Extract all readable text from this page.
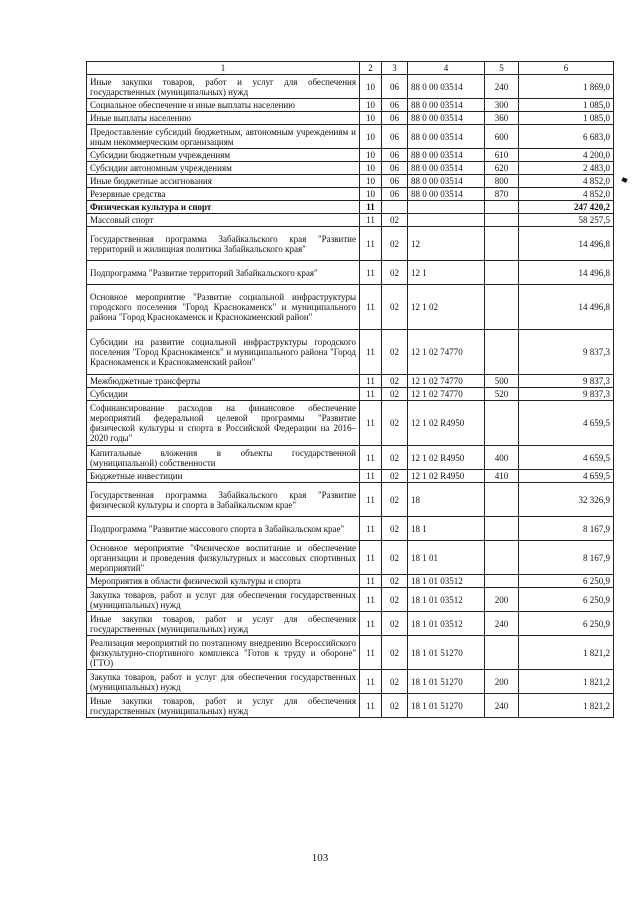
1	2	3	4	5	6
Иные закупки товаров, работ и услуг для обеспечения государственных (муниципальных) нужд	10	06	88 0 00 03514	240	1 869,0
Социальное обеспечение и иные выплаты населению	10	06	88 0 00 03514	300	1 085,0
Иные выплаты населению	10	06	88 0 00 03514	360	1 085,0
Предоставление субсидий бюджетным, автономным учреждениям и иным некоммерческим организациям	10	06	88 0 00 03514	600	6 683,0
Субсидии бюджетным учреждениям	10	06	88 0 00 03514	610	4 200,0
Субсидии автономным учреждениям	10	06	88 0 00 03514	620	2 483,0
Иные бюджетные ассигнования	10	06	88 0 00 03514	800	4 852,0
Резервные средства	10	06	88 0 00 03514	870	4 852,0
Физическая культура и спорт	11				247 420,2
Массовый спорт	11	02			58 257,5
Государственная программа Забайкальского края "Развитие территорий и жилищная политика Забайкальского края"	11	02	12		14 496,8
Подпрограмма "Развитие территорий Забайкальского края"	11	02	12 1		14 496,8
Основное мероприятие "Развитие социальной инфраструктуры городского поселения "Город Краснокаменск" и муниципального района "Город Краснокаменск и Краснокаменский район"	11	02	12 1 02		14 496,8
Субсидии на развитие социальной инфраструктуры городского поселения "Город Краснокаменск" и муниципального района "Город Краснокаменск и Краснокаменский район"	11	02	12 1 02 74770		9 837,3
Межбюджетные трансферты	11	02	12 1 02 74770	500	9 837,3
Субсидии	11	02	12 1 02 74770	520	9 837,3
Софинансирование расходов на финансовое обеспечение мероприятий федеральной целевой программы "Развитие физической культуры и спорта в Российской Федерации на 2016–2020 годы"	11	02	12 1 02 R4950		4 659,5
Капитальные вложения в объекты государственной (муниципальной) собственности	11	02	12 1 02 R4950	400	4 659,5
Бюджетные инвестиции	11	02	12 1 02 R4950	410	4 659,5
Государственная программа Забайкальского края "Развитие физической культуры и спорта в Забайкальском крае"	11	02	18		32 326,9
Подпрограмма "Развитие массового спорта в Забайкальском крае"	11	02	18 1		8 167,9
Основное мероприятие "Физическое воспитание и обеспечение организации и проведения физкультурных и массовых спортивных мероприятий"	11	02	18 1 01		8 167,9
Мероприятия в области физической культуры и спорта	11	02	18 1 01 03512		6 250,9
Закупка товаров, работ и услуг для обеспечения государственных (муниципальных) нужд	11	02	18 1 01 03512	200	6 250,9
Иные закупки товаров, работ и услуг для обеспечения государственных (муниципальных) нужд	11	02	18 1 01 03512	240	6 250,9
Реализация мероприятий по поэтапному внедрению Всероссийского физкультурно-спортивного комплекса "Готов к труду и обороне" (ГТО)	11	02	18 1 01 51270		1 821,2
Закупка товаров, работ и услуг для обеспечения государственных (муниципальных) нужд	11	02	18 1 01 51270	200	1 821,2
Иные закупки товаров, работ и услуг для обеспечения государственных (муниципальных) нужд	11	02	18 1 01 51270	240	1 821,2
103
